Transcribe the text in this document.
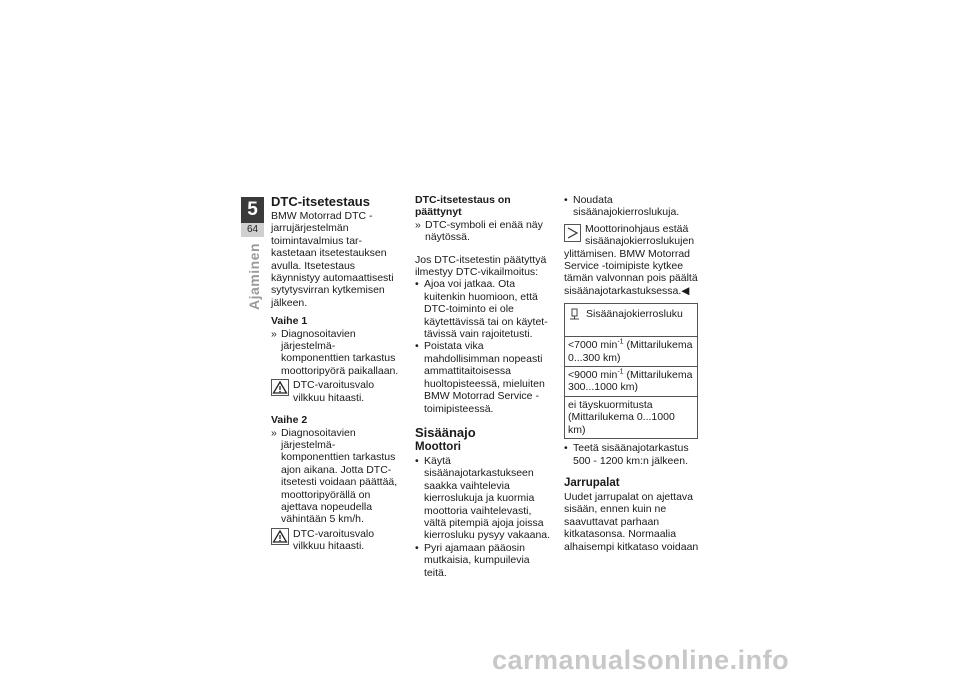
5
64
Ajaminen
DTC-itsetestaus

BMW Motorrad DTC -jarrujärjestelmän toimintavalmius tarkastetaan itsetestauksen avulla. Itsetestaus käynnistyy automaattisesti sytytysvirran kytkemisen jälkeen.

Vaihe 1
» Diagnosoitavien järjestelmäkomponenttien tarkastus moottoripyörä paikallaan.
DTC-varoitusvalo vilkkuu hitaasti.
Vaihe 2
» Diagnosoitavien järjestelmäkomponenttien tarkastus ajon aikana. Jotta DTC-itsetesti voidaan päättää, moottoripyörällä on ajettava nopeudella vähintään 5 km/h.
DTC-varoitusvalo vilkkuu hitaasti.
DTC-itsetestaus on päättynyt
» DTC-symboli ei enää näy näytössä.

Jos DTC-itsetestin päätyttyä ilmestyy DTC-vikailmoitus:

• Ajoa voi jatkaa. Ota kuitenkin huomioon, että DTC-toiminto ei ole käytettävissä tai on käytettävissä vain rajoitetusti.
• Poistata vika mahdollisimman nopeasti ammattitaitoisessa huoltopisteessä, mieluiten BMW Motorrad Service -toimipisteessä.
Sisäänajo
Moottori
• Käytä sisäänajotarkastukseen saakka vaihtelevia kierroslukuja ja kuormia moottoria vaihtelevasti, vältä pitempiä ajoja joissa kierrosluku pysyy vakaana.
• Pyri ajamaan pääosin mutkaisia, kumpuilevia teitä.
• Noudata sisäänajokierroslukuja.

Moottorinohjaus estää sisäänajokierroslukujen ylittämisen. BMW Motorrad Service -toimipiste kytkee tämän valvonnan pois päältä sisäänajotarkastuksessa.◀

Sisäänajokierrosluku
<7000 $\min^{-1}$ (Mittarilukema 0...300 km)
<9000 $\min^{-1}$ (Mittarilukema 300...1000 km)
ei täyskuormitusta (Mittarilukema 0...1000 km)
• Teetä sisäänajotarkastus 500 - 1200 km:n jälkeen.
Jarrupalat

Uudet jarrupalat on ajettava sisään, ennen kuin ne saavuttavat parhaan kitkatasonsa. Normaalia alhaisempi kitkataso voidaan

carmanualsonline.info
